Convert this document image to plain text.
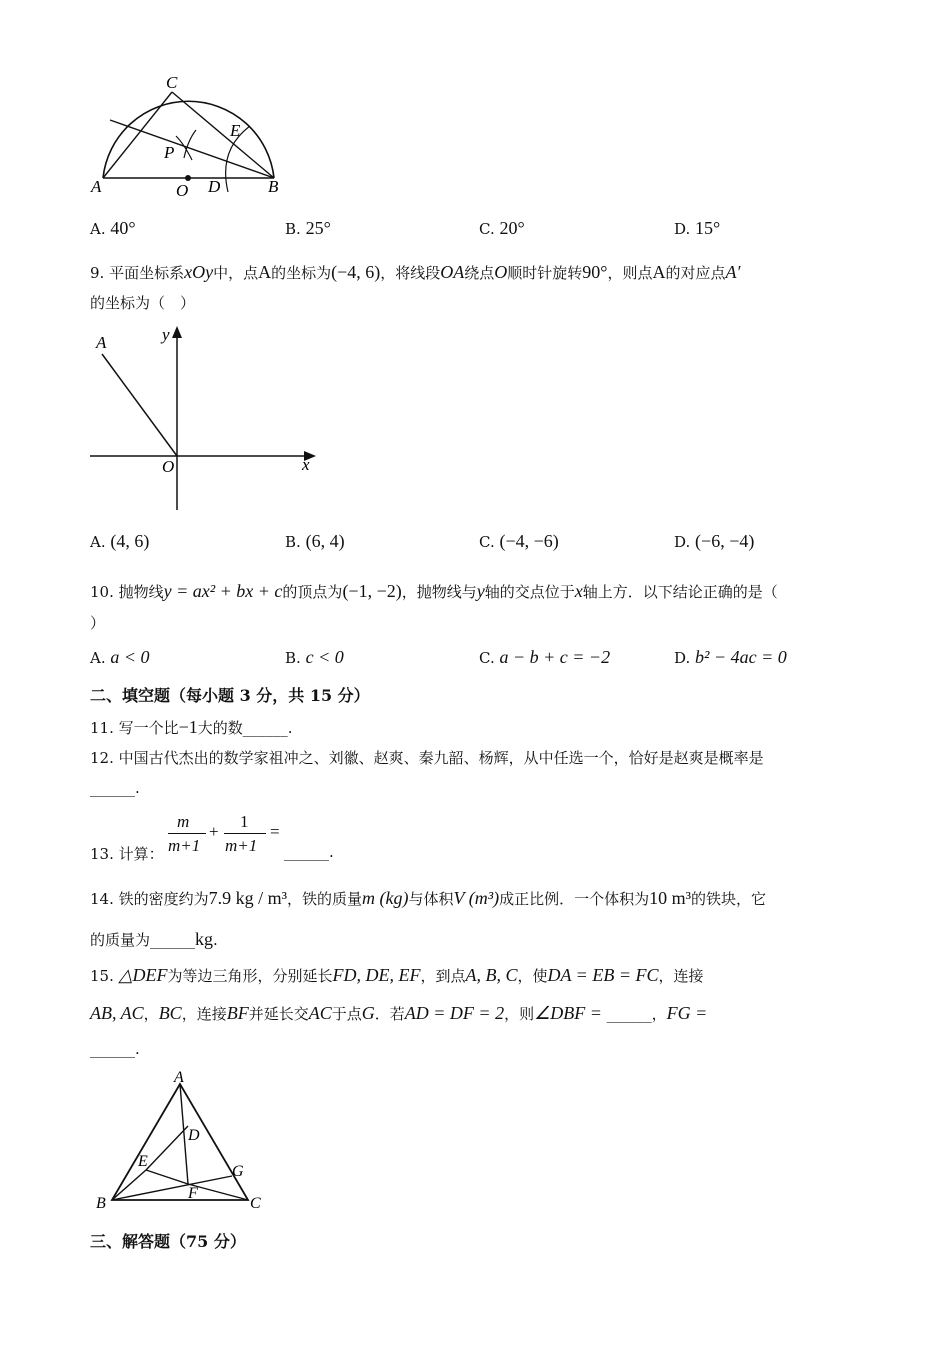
C
E
P
A	O D	B
A. 40°	B. 25°	C. 20°	D. 15°
9. 平面坐标系xOy中，点A的坐标为(−4, 6)，将线段OA绕点O顺时针旋转90°，则点A的对应点A′
的坐标为（　）
A	y
O	x
A. (4, 6)	B. (6, 4)	C. (−4, −6)	D. (−6, −4)
10. 抛物线y = ax² + bx + c的顶点为(−1, −2)，抛物线与y轴的交点位于x轴上方．以下结论正确的是（
）
A. a < 0	B. c < 0	C. a − b + c = −2	D. b² − 4ac = 0
二、填空题（每小题 3 分，共 15 分）
11. 写一个比−1大的数______.
12. 中国古代杰出的数学家祖冲之、刘徽、赵爽、秦九韶、杨辉，从中任选一个，恰好是赵爽是概率是
______.
13. 计算：
m
m+1
+
1
m+1
=
______.
14. 铁的密度约为7.9 kg / m³，铁的质量m (kg)与体积V (m³)成正比例．一个体积为10 m³的铁块，它
的质量为______kg.
15. △DEF为等边三角形，分别延长FD, DE, EF，到点A, B, C，使DA = EB = FC，连接
AB, AC，BC，连接BF并延长交AC于点G．若AD = DF = 2，则∠DBF = ______，FG =
______.
A
D
E
G
F
B	C
三、解答题（75 分）
